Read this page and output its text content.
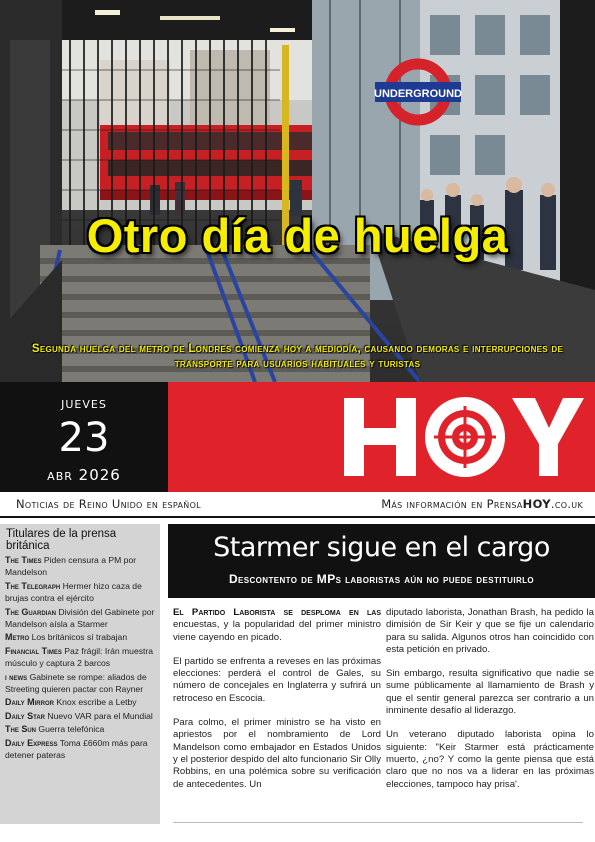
UNDERGROUND
Otro día de huelga
Segunda huelga del metro de Londres comienza hoy a mediodía, causando demoras e interrupciones de transporte para usuarios habituales y turistas
jueves
23
abr 2026
HOY
Noticias de Reino Unido en español	Más información en PrensaHOY.co.uk
Titulares de la prensa británica
The Times Piden censura a PM por Mandelson
The Telegraph Hermer hizo caza de brujas contra el ejército
The Guardian División del Gabinete por Mandelson aísla a Starmer
Metro Los británicos sí trabajan
Financial Times Paz frágil: Irán muestra músculo y captura 2 barcos
i news Gabinete se rompe: aliados de Streeting quieren pactar con Rayner
Daily Mirror Knox escribe a Letby
Daily Star Nuevo VAR para el Mundial
The Sun Guerra telefónica
Daily Express Toma £660m más para detener pateras
Starmer sigue en el cargo
Descontento de MPs laboristas aún no puede destituirlo

El Partido Laborista se desploma en las encuestas, y la popularidad del primer ministro viene cayendo en picado.

El partido se enfrenta a reveses en las próximas elecciones: perderá el control de Gales, su número de concejales en Inglaterra y sufrirá un retroceso en Escocia.

Para colmo, el primer ministro se ha visto en apriestos por el nombramiento de Lord Mandelson como embajador en Estados Unidos y el posterior despido del alto funcionario Sir Olly Robbins, en una polémica sobre su verificación de antecedentes. Un

diputado laborista, Jonathan Brash, ha pedido la dimisión de Sir Keir y que se fije un calendario para su salida. Algunos otros han coincidido con esta petición en privado.

Sin embargo, resulta significativo que nadie se sume públicamente al llamamiento de Brash y que el sentir general parezca ser contrario a un inminente desafío al liderazgo.

Un veterano diputado laborista opina lo siguiente: "Keir Starmer está prácticamente muerto, ¿no? Y como la gente piensa que está claro que no nos va a liderar en las próximas elecciones, tampoco hay prisa'.
